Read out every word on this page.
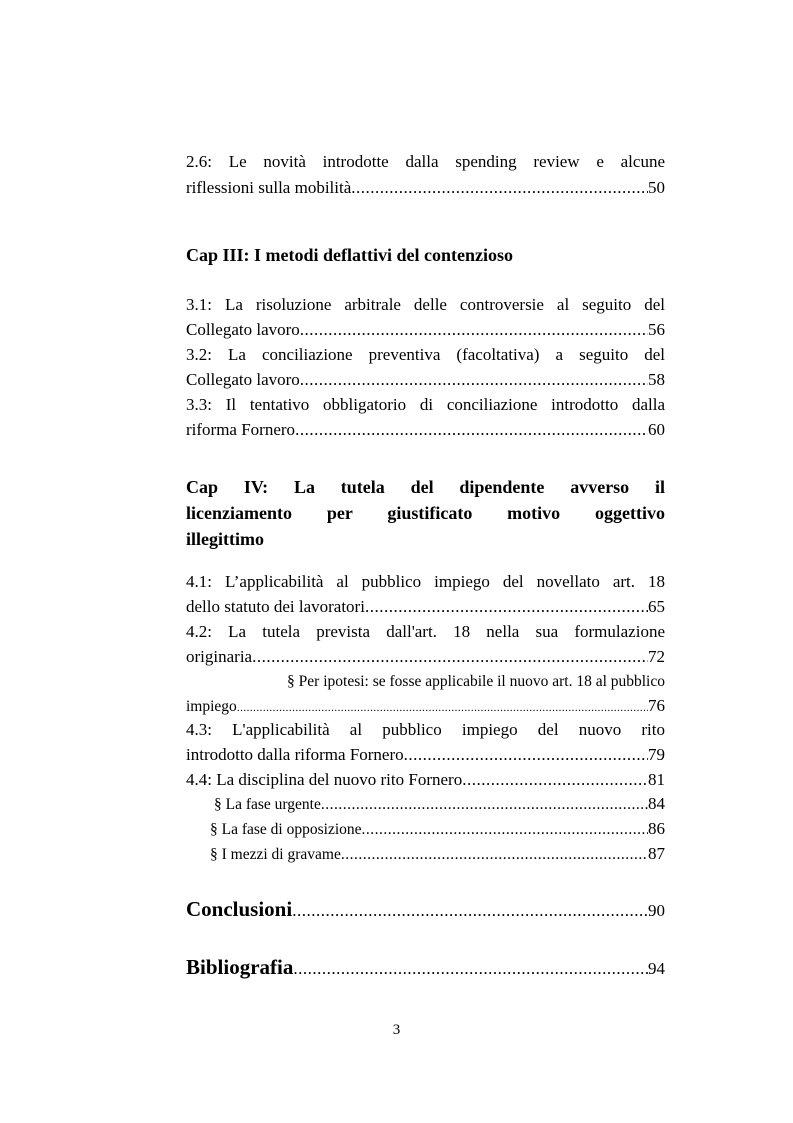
2.6: Le novità introdotte dalla spending review e alcune
riflessioni sulla mobilità .....	50
Cap III: I metodi deflattivi del contenzioso
3.1: La risoluzione arbitrale delle controversie al seguito del
Collegato lavoro .....	56
3.2: La conciliazione preventiva (facoltativa) a seguito del
Collegato lavoro .....	58
3.3: Il tentativo obbligatorio di conciliazione introdotto dalla
riforma Fornero .....	60
Cap IV: La tutela del dipendente avverso il
licenziamento per giustificato motivo oggettivo
illegittimo
4.1: L’applicabilità al pubblico impiego del novellato art. 18
dello statuto dei lavoratori .....	65
4.2: La tutela prevista dall'art. 18 nella sua formulazione
originaria .....	72
§ Per ipotesi: se fosse applicabile il nuovo art. 18 al pubblico
impiego .....	76
4.3: L'applicabilità al pubblico impiego del nuovo rito
introdotto dalla riforma Fornero .....	79
4.4: La disciplina del nuovo rito Fornero .....	81
§ La fase urgente .....	84
§ La fase di opposizione .....	86
§ I mezzi di gravame .....	87
Conclusioni .....	90
Bibliografia .....	94
3
